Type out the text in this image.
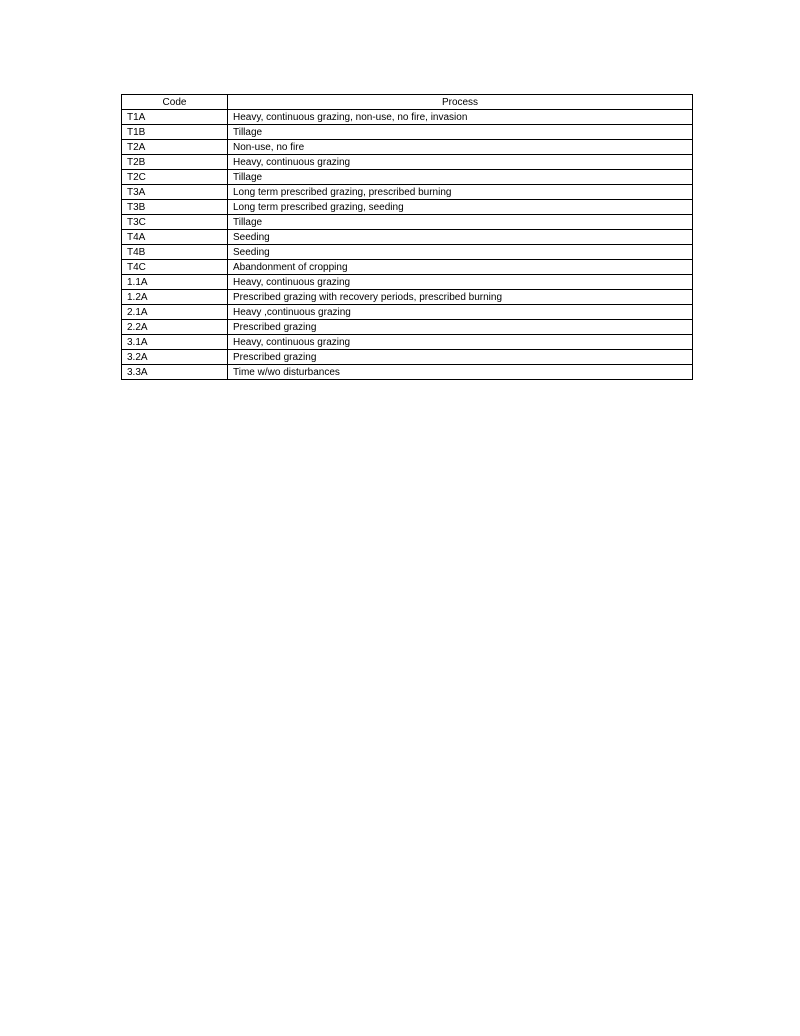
Code	Process
T1A	Heavy, continuous grazing, non-use, no fire, invasion
T1B	Tillage
T2A	Non-use, no fire
T2B	Heavy, continuous grazing
T2C	Tillage
T3A	Long term prescribed grazing, prescribed burning
T3B	Long term prescribed grazing, seeding
T3C	Tillage
T4A	Seeding
T4B	Seeding
T4C	Abandonment of cropping
1.1A	Heavy, continuous grazing
1.2A	Prescribed grazing with recovery periods, prescribed burning
2.1A	Heavy ,continuous grazing
2.2A	Prescribed grazing
3.1A	Heavy, continuous grazing
3.2A	Prescribed grazing
3.3A	Time w/wo disturbances
